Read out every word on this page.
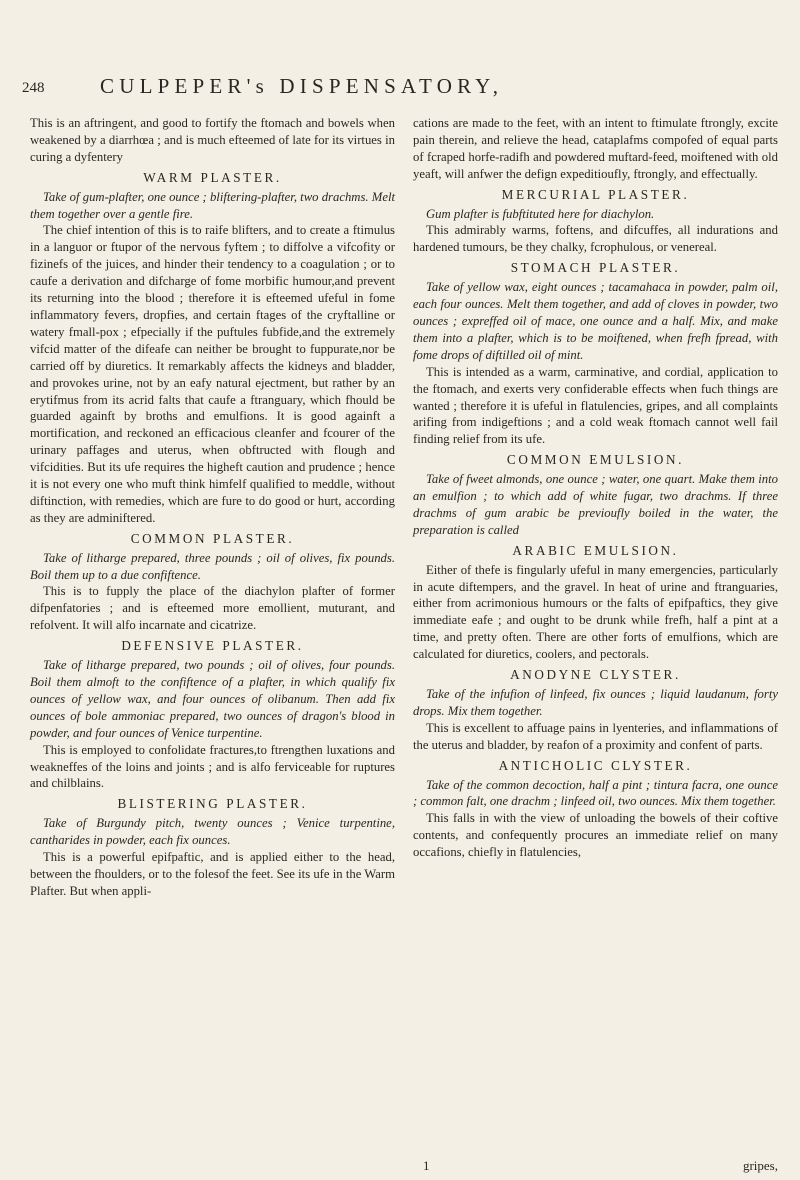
248	CULPEPER's DISPENSATORY,

This is an aftringent, and good to fortify the ftomach and bowels when weakened by a diarrhœa ; and is much efteemed of late for its virtues in curing a dyfentery

WARM PLASTER.

Take of gum-plafter, one ounce ; bliftering-plafter, two drachms. Melt them together over a gentle fire.

The chief intention of this is to raife blifters, and to create a ftimulus in a languor or ftupor of the nervous fyftem ; to diffolve a vifcofity or fizinefs of the juices, and hinder their tendency to a coagulation ; or to caufe a derivation and difcharge of fome morbific humour,and prevent its returning into the blood ; therefore it is efteemed ufeful in fome inflammatory fevers, dropfies, and certain ftages of the cryftalline or watery fmall-pox ; efpecially if the puftules fubfide,and the extremely vifcid matter of the difeafe can neither be brought to fuppurate,nor be carried off by diuretics. It remarkably affects the kidneys and bladder, and provokes urine, not by an eafy natural ejectment, but rather by an erytifmus from its acrid falts that caufe a ftranguary, which fhould be guarded againft by broths and emulfions. It is good againft a mortification, and reckoned an efficacious cleanfer and fcourer of the urinary paffages and uterus, when obftructed with flough and vifcidities. But its ufe requires the higheft caution and prudence ; hence it is not every one who muft think himfelf qualified to meddle, without diftinction, with remedies, which are fure to do good or hurt, according as they are adminiftered.

COMMON PLASTER.

Take of litharge prepared, three pounds ; oil of olives, fix pounds. Boil them up to a due confiftence.

This is to fupply the place of the diachylon plafter of former difpenfatories ; and is efteemed more emollient, muturant, and refolvent. It will alfo incarnate and cicatrize.

DEFENSIVE PLASTER.

Take of litharge prepared, two pounds ; oil of olives, four pounds. Boil them almoft to the confiftence of a plafter, in which qualify fix ounces of yellow wax, and four ounces of olibanum. Then add fix ounces of bole ammoniac prepared, two ounces of dragon's blood in powder, and four ounces of Venice turpentine.

This is employed to confolidate fractures,to ftrengthen luxations and weakneffes of the loins and joints ; and is alfo ferviceable for ruptures and chilblains.

BLISTERING PLASTER.

Take of Burgundy pitch, twenty ounces ; Venice turpentine, cantharides in powder, each fix ounces.

This is a powerful epifpaftic, and is applied either to the head, between the fhoulders, or to the folesof the feet. See its ufe in the Warm Plafter. But when appli-

cations are made to the feet, with an intent to ftimulate ftrongly, excite pain therein, and relieve the head, cataplafms compofed of equal parts of fcraped horfe-radifh and powdered muftard-feed, moiftened with old yeaft, will anfwer the defign expeditioufly, ftrongly, and effectually.

MERCURIAL PLASTER.

Gum plafter is fubftituted here for diachylon.

This admirably warms, foftens, and difcuffes, all indurations and hardened tumours, be they chalky, fcrophulous, or venereal.

STOMACH PLASTER.

Take of yellow wax, eight ounces ; tacamahaca in powder, palm oil, each four ounces. Melt them together, and add of cloves in powder, two ounces ; expreffed oil of mace, one ounce and a half. Mix, and make them into a plafter, which is to be moiftened, when frefh fpread, with fome drops of diftilled oil of mint.

This is intended as a warm, carminative, and cordial, application to the ftomach, and exerts very confiderable effects when fuch things are wanted ; therefore it is ufeful in flatulencies, gripes, and all complaints arifing from indigeftions ; and a cold weak ftomach cannot well fail finding relief from its ufe.

COMMON EMULSION.

Take of fweet almonds, one ounce ; water, one quart. Make them into an emulfion ; to which add of white fugar, two drachms. If three drachms of gum arabic be previoufly boiled in the water, the preparation is called

ARABIC EMULSION.

Either of thefe is fingularly ufeful in many emergencies, particularly in acute diftempers, and the gravel. In heat of urine and ftranguaries, either from acrimonious humours or the falts of epifpaftics, they give immediate eafe ; and ought to be drunk while frefh, half a pint at a time, and pretty often. There are other forts of emulfions, which are calculated for diuretics, coolers, and pectorals.

ANODYNE CLYSTER.

Take of the infufion of linfeed, fix ounces ; liquid laudanum, forty drops. Mix them together.

This is excellent to affuage pains in lyenteries, and inflammations of the uterus and bladder, by reafon of a proximity and confent of parts.

ANTICHOLIC CLYSTER.

Take of the common decoction, half a pint ; tintura facra, one ounce ; common falt, one drachm ; linfeed oil, two ounces. Mix them together.

This falls in with the view of unloading the bowels of their coftive contents, and confequently procures an immediate relief on many occafions, chiefly in flatulencies,

1	gripes,
